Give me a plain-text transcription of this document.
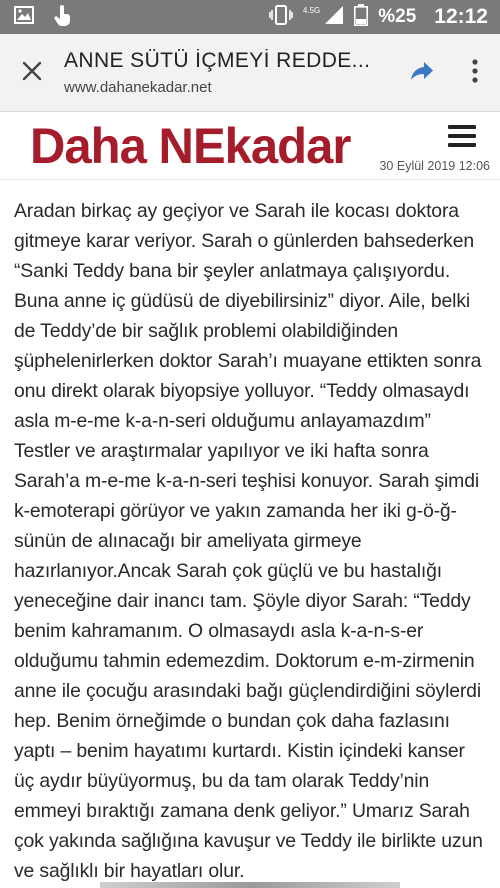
4.5G	%25 12:12
ANNE SÜTÜ İÇMEYİ REDDE...
www.dahanekadar.net
Daha NEkadar 30 Eylül 2019 12:06
Aradan birkaç ay geçiyor ve Sarah ile kocası doktora gitmeye karar veriyor. Sarah o günlerden bahsederken “Sanki Teddy bana bir şeyler anlatmaya çalışıyordu. Buna anne iç güdüsü de diyebilirsiniz” diyor. Aile, belki de Teddy’de bir sağlık problemi olabildiğinden şüphelenirlerken doktor Sarah’ı muayane ettikten sonra onu direkt olarak biyopsiye yolluyor. “Teddy olmasaydı asla m-e-me k-a-n-seri olduğumu anlayamazdım” Testler ve araştırmalar yapılıyor ve iki hafta sonra Sarah’a m-e-me k-a-n-seri teşhisi konuyor. Sarah şimdi k-emoterapi görüyor ve yakın zamanda her iki g-ö-ğ-sünün de alınacağı bir ameliyata girmeye hazırlanıyor.Ancak Sarah çok güçlü ve bu hastalığı yeneceğine dair inancı tam. Şöyle diyor Sarah: “Teddy benim kahramanım. O olmasaydı asla k-a-n-s-er olduğumu tahmin edemezdim. Doktorum e-m-zirmenin anne ile çocuğu arasındaki bağı güçlendirdiğini söylerdi hep. Benim örneğimde o bundan çok daha fazlasını yaptı – benim hayatımı kurtardı. Kistin içindeki kanser üç aydır büyüyormuş, bu da tam olarak Teddy’nin emmeyi bıraktığı zamana denk geliyor.” Umarız Sarah çok yakında sağlığına kavuşur ve Teddy ile birlikte uzun ve sağlıklı bir hayatları olur.
